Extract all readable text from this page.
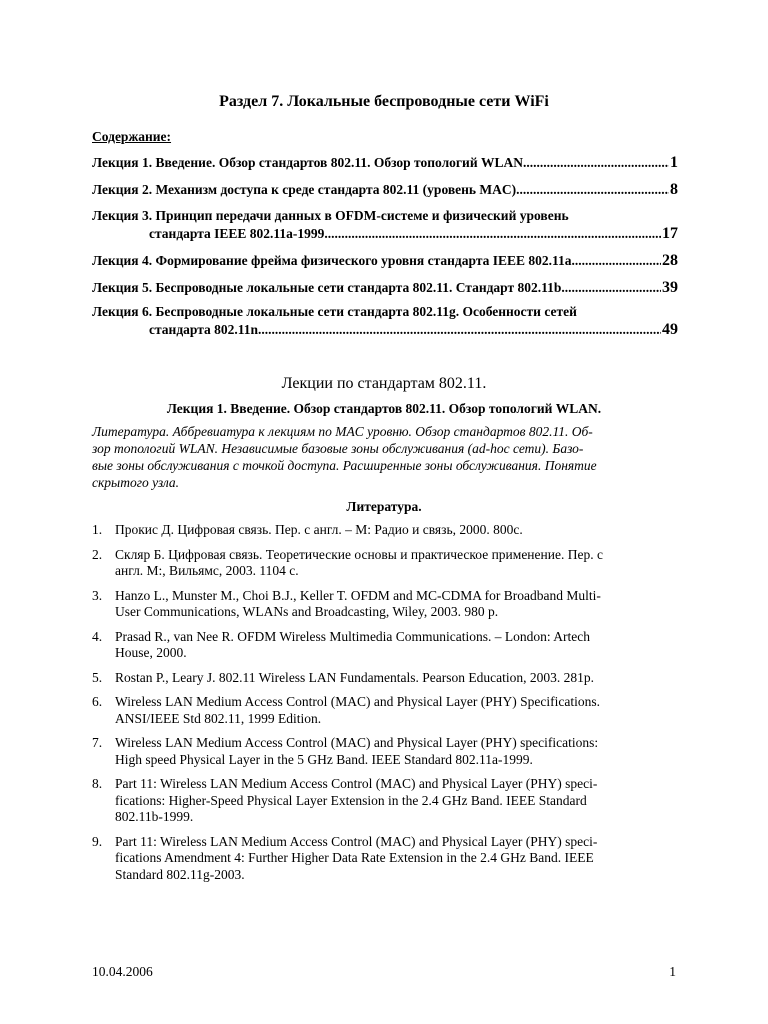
Раздел 7. Локальные беспроводные сети WiFi
Содержание:
Лекция 1. Введение. Обзор стандартов 802.11. Обзор топологий WLAN. .....	1
Лекция 2. Механизм доступа к среде стандарта 802.11 (уровень MAC). .....	8
Лекция 3. Принцип передачи данных в OFDM-системе и физический уровень
стандарта IEEE 802.11a-1999. .....	17
Лекция 4. Формирование фрейма физического уровня стандарта IEEE 802.11a. .....	28
Лекция 5. Беспроводные локальные сети стандарта 802.11. Стандарт 802.11b. .....	39
Лекция 6. Беспроводные локальные сети стандарта 802.11g. Особенности сетей
стандарта 802.11n. .....	49
Лекции по стандартам 802.11.
Лекция 1. Введение. Обзор стандартов 802.11. Обзор топологий WLAN.
Литература. Аббревиатура к лекциям по MAC уровню. Обзор стандартов 802.11. Об-
зор топологий WLAN. Независимые базовые зоны обслуживания (ad-hoc сети). Базо-
вые зоны обслуживания с точкой доступа. Расширенные зоны обслуживания. Понятие
скрытого узла.
Литература.
1. Прокис Д. Цифровая связь. Пер. с англ. – М: Радио и связь, 2000. 800с.
2. Скляр Б. Цифровая связь. Теоретические основы и практическое применение. Пер. с
англ. М:, Вильямс, 2003. 1104 с.
3. Hanzo L., Munster M., Choi B.J., Keller T. OFDM and MC-CDMA for Broadband Multi-
User Communications, WLANs and Broadcasting, Wiley, 2003. 980 p.
4. Prasad R., van Nee R. OFDM Wireless Multimedia Communications. – London: Artech
House, 2000.
5. Rostan P., Leary J. 802.11 Wireless LAN Fundamentals. Pearson Education, 2003. 281p.
6. Wireless LAN Medium Access Control (MAC) and Physical Layer (PHY) Specifications.
ANSI/IEEE Std 802.11, 1999 Edition.
7. Wireless LAN Medium Access Control (MAC) and Physical Layer (PHY) specifications:
High speed Physical Layer in the 5 GHz Band. IEEE Standard 802.11a-1999.
8. Part 11: Wireless LAN Medium Access Control (MAC) and Physical Layer (PHY) speci-
fications: Higher-Speed Physical Layer Extension in the 2.4 GHz Band. IEEE Standard
802.11b-1999.
9. Part 11: Wireless LAN Medium Access Control (MAC) and Physical Layer (PHY) speci-
fications Amendment 4: Further Higher Data Rate Extension in the 2.4 GHz Band. IEEE
Standard 802.11g-2003.
10.04.2006	1
